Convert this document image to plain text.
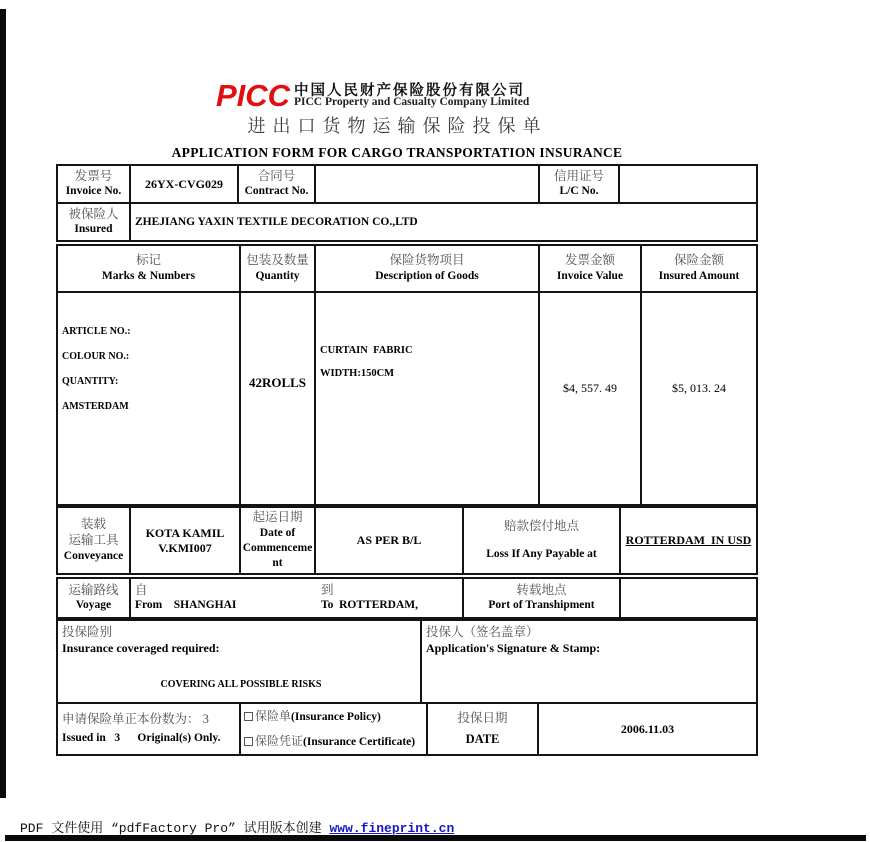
PICC 中国人民财产保险股份有限公司
PICC Property and Casualty Company Limited
进出口货物运输保险投保单
APPLICATION FORM FOR CARGO TRANSPORTATION INSURANCE
发票号
Invoice No.
26YX-CVG029
合同号
Contract No.
信用证号
L/C No.
被保险人
Insured
ZHEJIANG YAXIN TEXTILE DECORATION CO.,LTD
标记
Marks & Numbers
包装及数量
Quantity
保险货物项目
Description of Goods
发票金额
Invoice Value
保险金额
Insured Amount
ARTICLE NO.:
COLOUR NO.:
QUANTITY:
AMSTERDAM
42ROLLS
CURTAIN  FABRIC
WIDTH:150CM
$4, 557. 49	$5, 013. 24
装载
运输工具
Conveyance
KOTA KAMIL
V.KMI007
起运日期
Date of
Commenceme
nt
AS PER B/L
赔款偿付地点
Loss If Any Payable at
ROTTERDAM  IN USD
运输路线
Voyage
自
From    SHANGHAI
到
To  ROTTERDAM,
转载地点
Port of Transhipment
投保险别
Insurance coveraged required:
COVERING ALL POSSIBLE RISKS
投保人（签名盖章）
Application's Signature & Stamp:
申请保险单正本份数为： 3
Issued in   3      Original(s) Only.
保险单(Insurance Policy)
保险凭证(Insurance Certificate)
投保日期
DATE
2006.11.03
PDF 文件使用 “pdfFactory Pro” 试用版本创建 www.fineprint.cn
